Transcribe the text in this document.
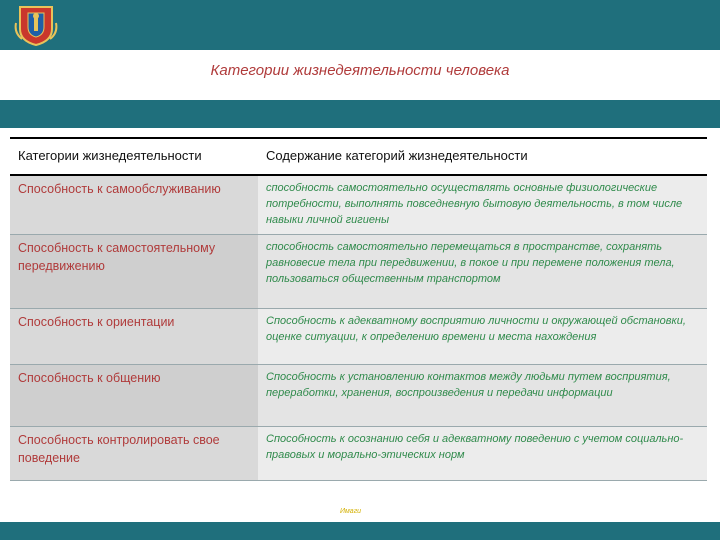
Категории жизнедеятельности человека
Категории жизнедеятельности	Содержание категорий жизнедеятельности
Способность к самообслуживанию	способность самостоятельно осуществлять основные физиологические потребности, выполнять повседневную бытовую деятельность, в том числе навыки личной гигиены
Способность к самостоятельному передвижению	способность самостоятельно перемещаться в пространстве, сохранять равновесие тела при передвижении, в покое и при перемене положения тела, пользоваться общественным транспортом
Способность к ориентации	Способность к адекватному восприятию личности и окружающей обстановки, оценке ситуации, к определению времени и места нахождения
Способность к общению	Способность к установлению контактов между людьми путем восприятия, переработки, хранения, воспроизведения и передачи информации
Способность контролировать свое поведение	Способность к осознанию себя и адекватному поведению с учетом социально-правовых и морально-этических норм
Имаги
